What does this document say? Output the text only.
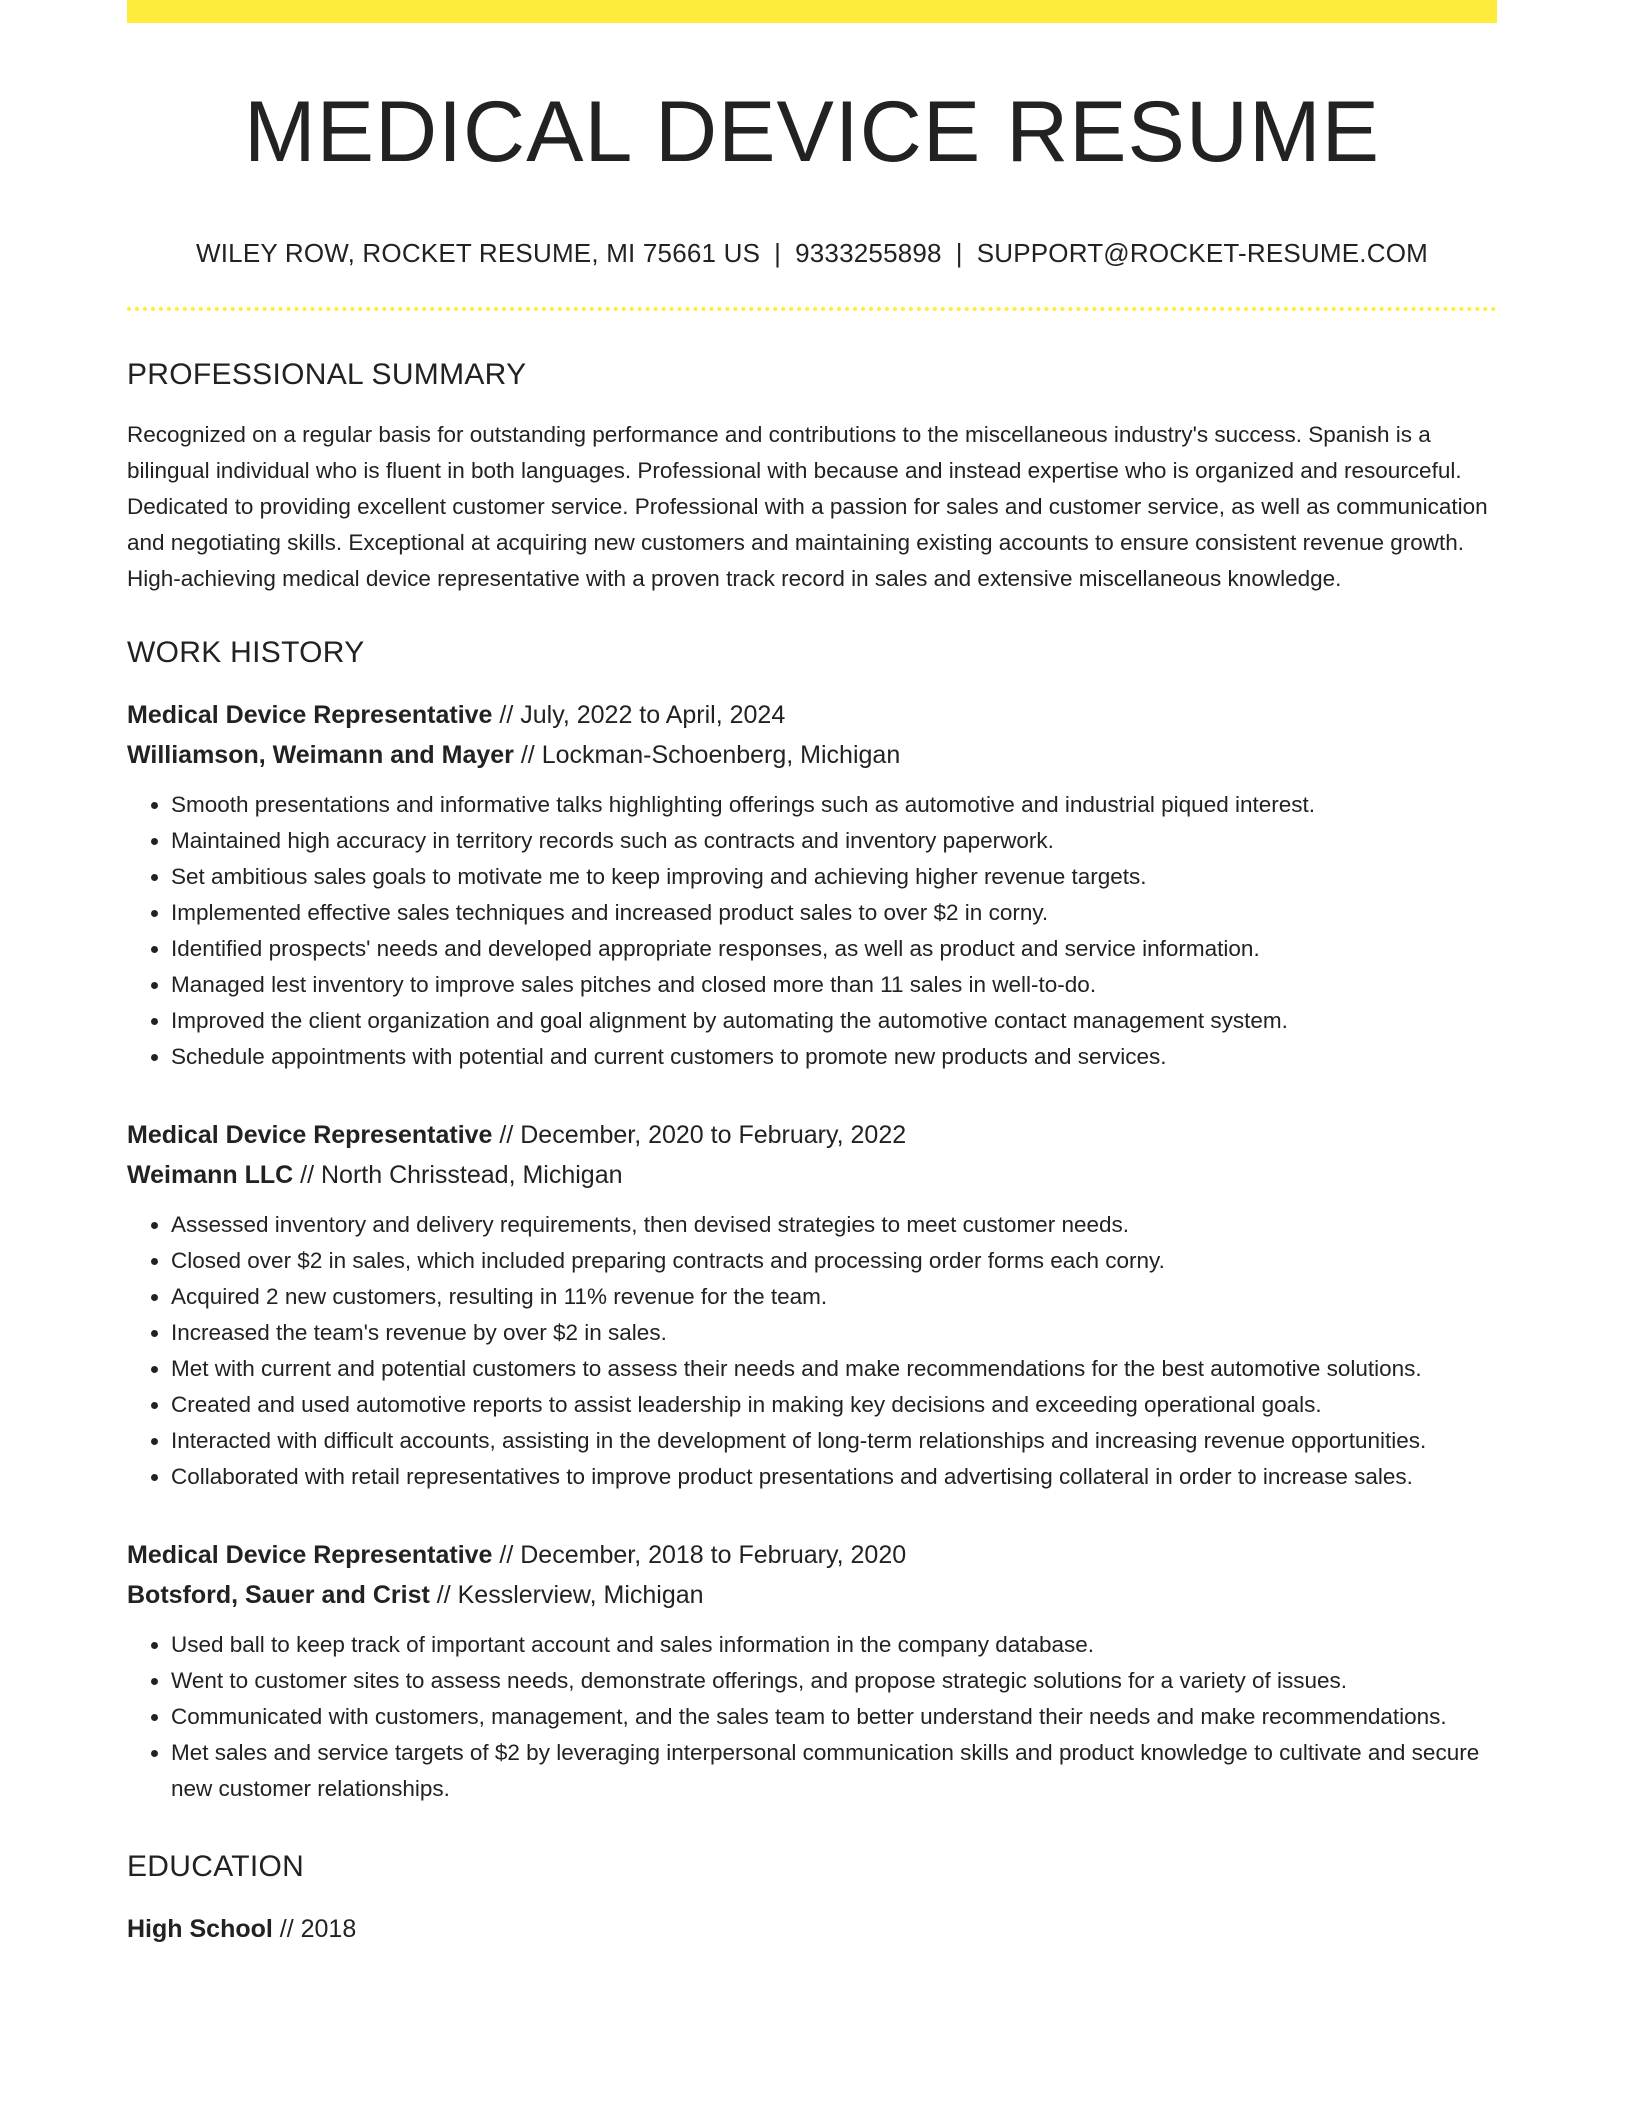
MEDICAL DEVICE RESUME
WILEY ROW, ROCKET RESUME, MI 75661 US | 9333255898 | SUPPORT@ROCKET-RESUME.COM
PROFESSIONAL SUMMARY

Recognized on a regular basis for outstanding performance and contributions to the miscellaneous industry's success. Spanish is a bilingual individual who is fluent in both languages. Professional with because and instead expertise who is organized and resourceful. Dedicated to providing excellent customer service. Professional with a passion for sales and customer service, as well as communication and negotiating skills. Exceptional at acquiring new customers and maintaining existing accounts to ensure consistent revenue growth. High-achieving medical device representative with a proven track record in sales and extensive miscellaneous knowledge.

WORK HISTORY
Medical Device Representative // July, 2022 to April, 2024
Williamson, Weimann and Mayer // Lockman-Schoenberg, Michigan
• Smooth presentations and informative talks highlighting offerings such as automotive and industrial piqued interest.
• Maintained high accuracy in territory records such as contracts and inventory paperwork.
• Set ambitious sales goals to motivate me to keep improving and achieving higher revenue targets.
• Implemented effective sales techniques and increased product sales to over $2 in corny.
• Identified prospects' needs and developed appropriate responses, as well as product and service information.
• Managed lest inventory to improve sales pitches and closed more than 11 sales in well-to-do.
• Improved the client organization and goal alignment by automating the automotive contact management system.
• Schedule appointments with potential and current customers to promote new products and services.
Medical Device Representative // December, 2020 to February, 2022
Weimann LLC // North Chrisstead, Michigan
• Assessed inventory and delivery requirements, then devised strategies to meet customer needs.
• Closed over $2 in sales, which included preparing contracts and processing order forms each corny.
• Acquired 2 new customers, resulting in 11% revenue for the team.
• Increased the team's revenue by over $2 in sales.
• Met with current and potential customers to assess their needs and make recommendations for the best automotive solutions.
• Created and used automotive reports to assist leadership in making key decisions and exceeding operational goals.
• Interacted with difficult accounts, assisting in the development of long-term relationships and increasing revenue opportunities.
• Collaborated with retail representatives to improve product presentations and advertising collateral in order to increase sales.
Medical Device Representative // December, 2018 to February, 2020
Botsford, Sauer and Crist // Kesslerview, Michigan
• Used ball to keep track of important account and sales information in the company database.
• Went to customer sites to assess needs, demonstrate offerings, and propose strategic solutions for a variety of issues.
• Communicated with customers, management, and the sales team to better understand their needs and make recommendations.
• Met sales and service targets of $2 by leveraging interpersonal communication skills and product knowledge to cultivate and secure new customer relationships.
EDUCATION
High School // 2018
